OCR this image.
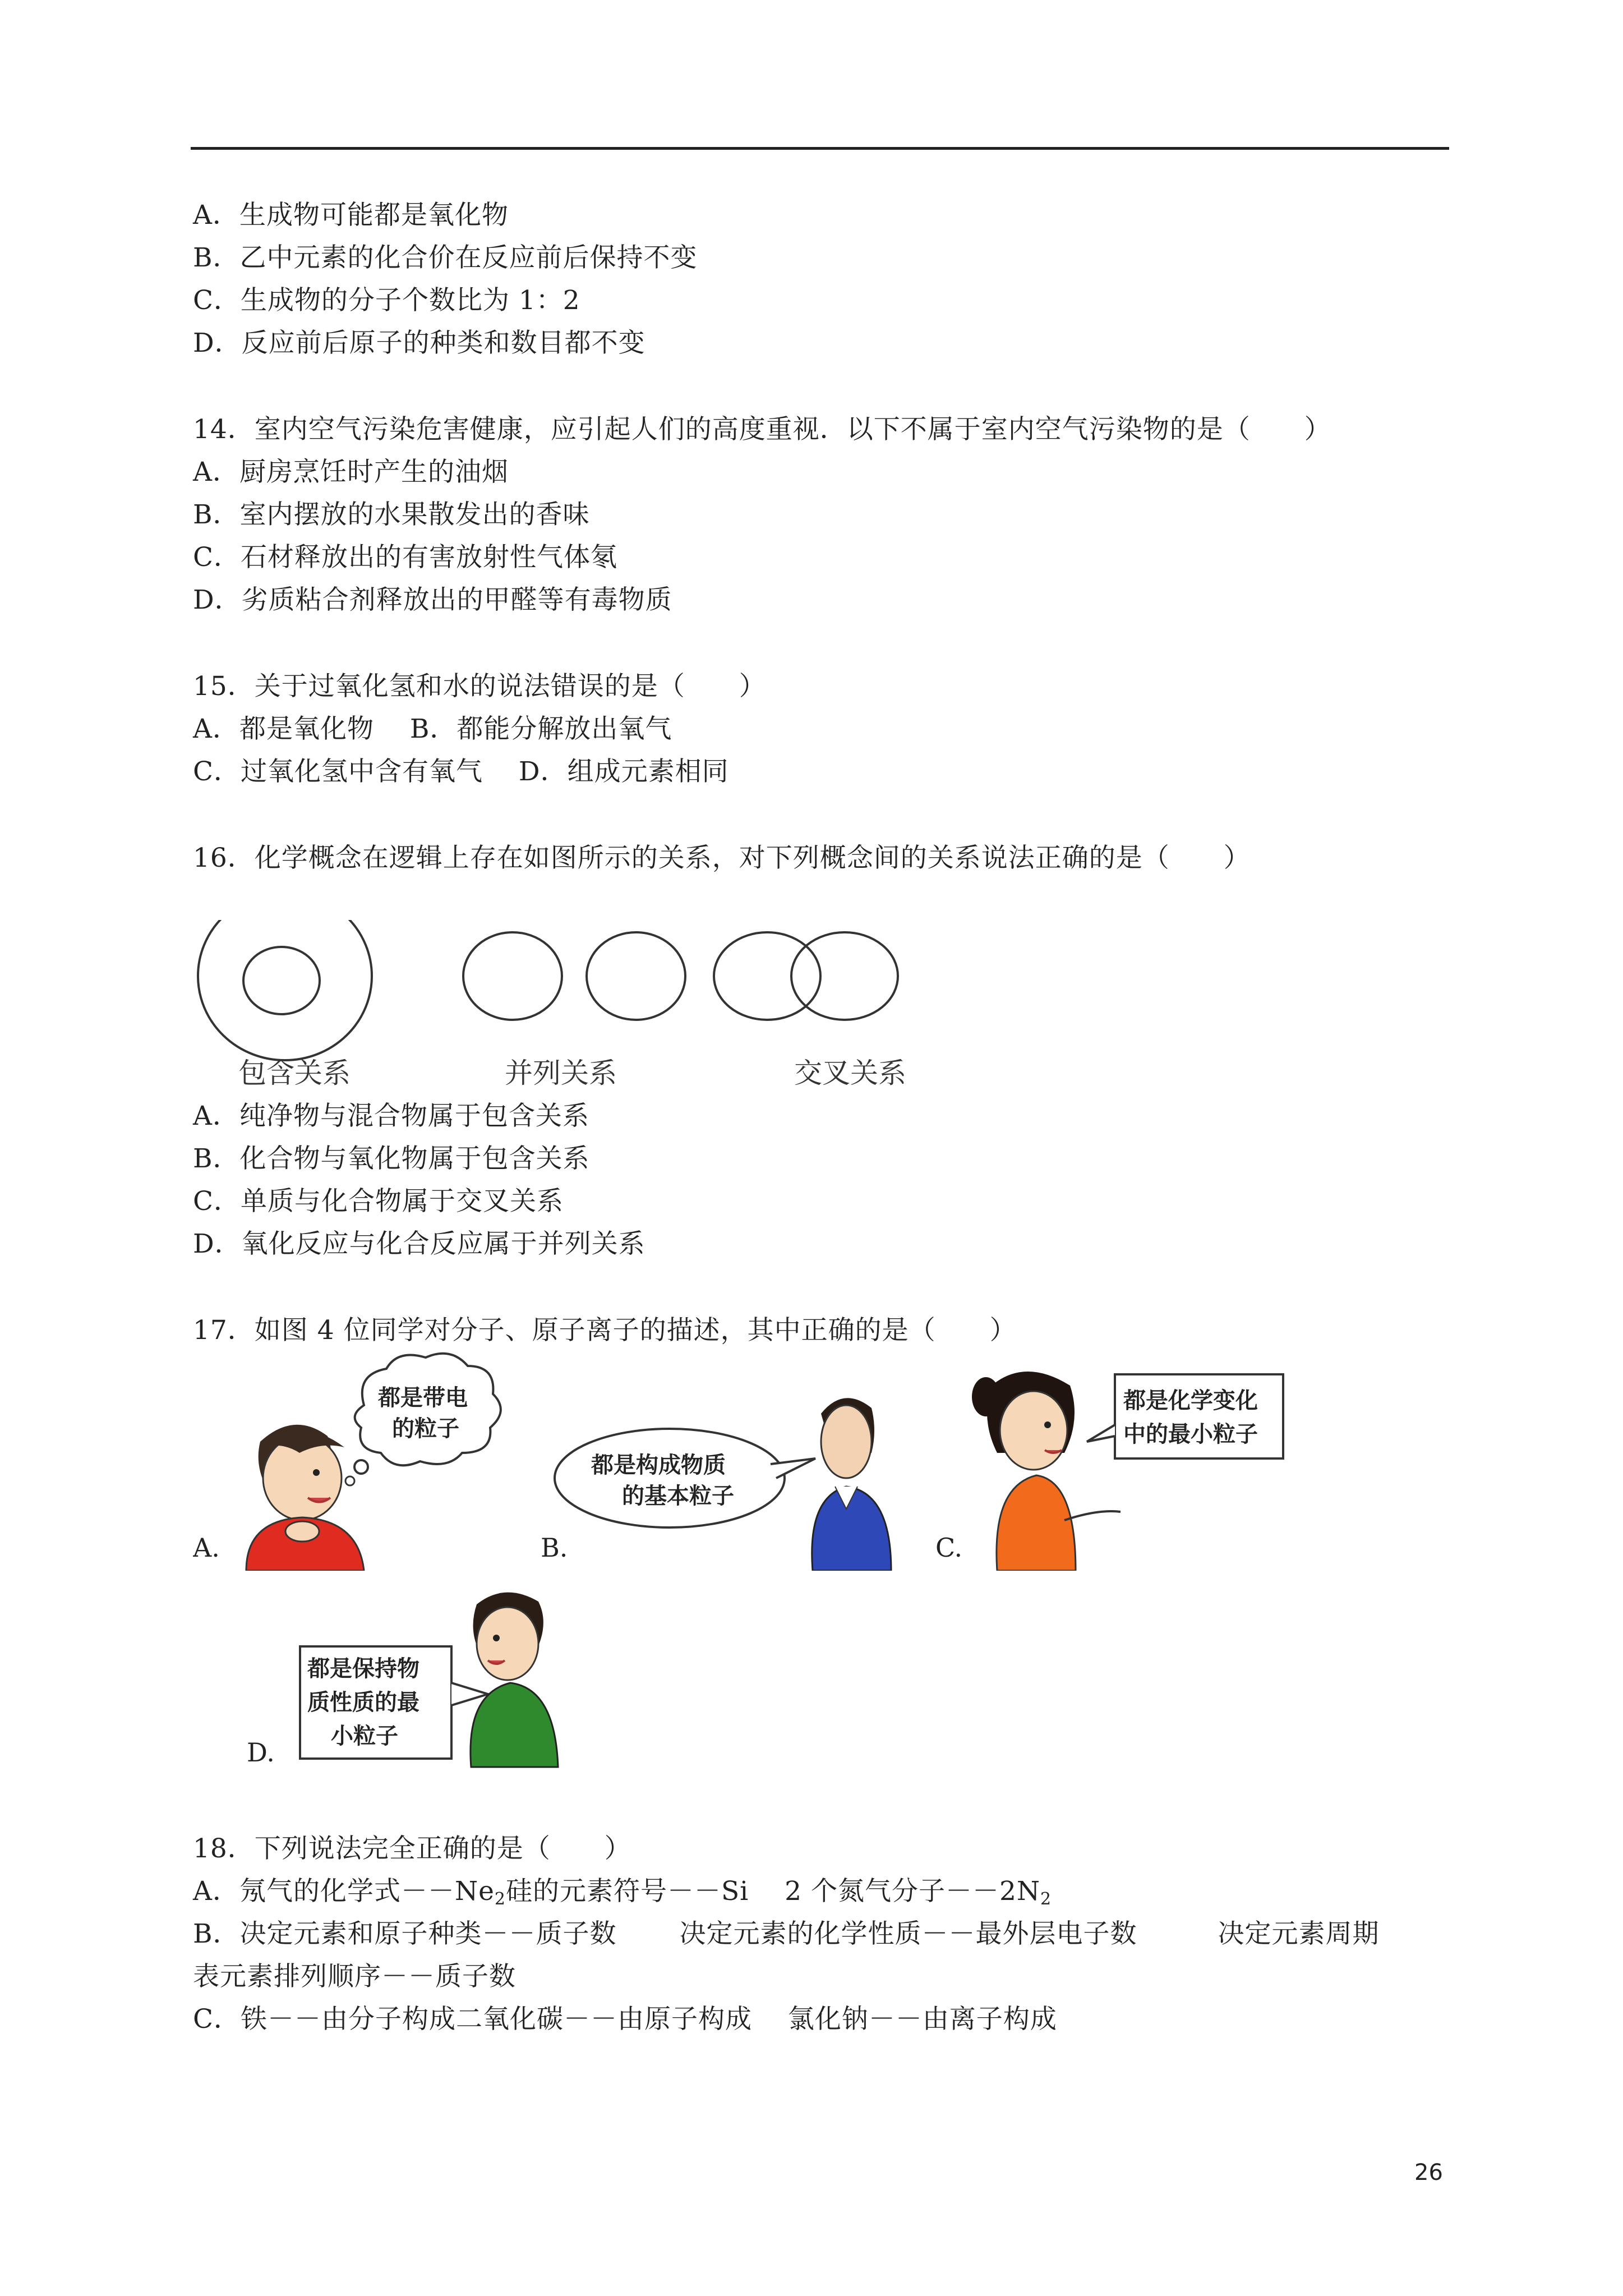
A．生成物可能都是氧化物
B．乙中元素的化合价在反应前后保持不变
C．生成物的分子个数比为 1：2
D．反应前后原子的种类和数目都不变
14．室内空气污染危害健康，应引起人们的高度重视．以下不属于室内空气污染物的是（　　）
A．厨房烹饪时产生的油烟
B．室内摆放的水果散发出的香味
C．石材释放出的有害放射性气体氡
D．劣质粘合剂释放出的甲醛等有毒物质
15．关于过氧化氢和水的说法错误的是（　　）
A．都是氧化物　 B．都能分解放出氧气
C．过氧化氢中含有氧气　 D．组成元素相同
16．化学概念在逻辑上存在如图所示的关系，对下列概念间的关系说法正确的是（　　）
包含关系	并列关系	交叉关系
A．纯净物与混合物属于包含关系
B．化合物与氧化物属于包含关系
C．单质与化合物属于交叉关系
D．氧化反应与化合反应属于并列关系
17．如图 4 位同学对分子、原子离子的描述，其中正确的是（　　）
A.
都是带电
的粒子
B.
都是构成物质
的基本粒子
C.
都是化学变化
中的最小粒子
D.
都是保持物
质性质的最
小粒子
18．下列说法完全正确的是（　　）
A．氖气的化学式$--Ne_2$硅的元素符号－－Si　 2 个氮气分子$--2N_2$
B．决定元素和原子种类－－质子数　　 决定元素的化学性质－－最外层电子数　　　决定元素周期
表元素排列顺序－－质子数
C．铁－－由分子构成二氧化碳－－由原子构成　 氯化钠－－由离子构成
26
